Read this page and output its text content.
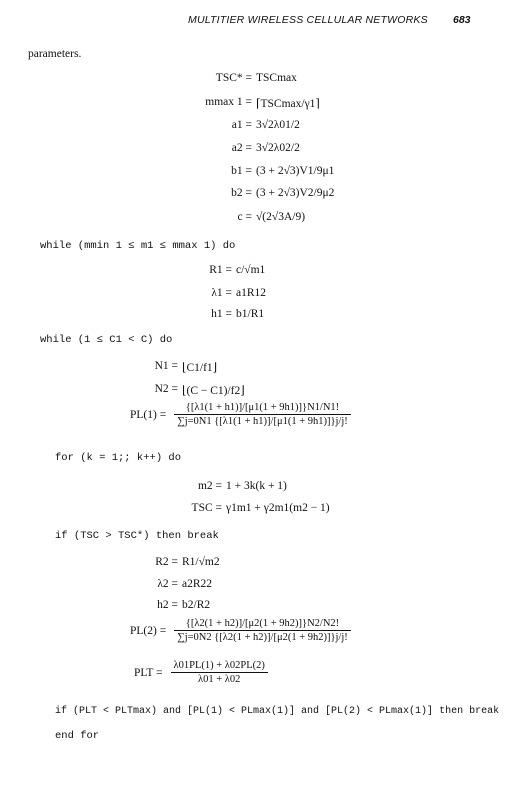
MULTITIER WIRELESS CELLULAR NETWORKS 683
parameters.
TSC* = TSCmax
mmax 1 = ⌈TSCmax/γ1⌉
a1 = 3√2λ01/2
a2 = 3√2λ02/2
b1 = (3 + 2√3)V1/9μ1
b2 = (3 + 2√3)V2/9μ2
c = √(2√3A/9)
while (mmin 1 ≤ m1 ≤ mmax 1) do
R1 = c/√m1
λ1 = a1R12
h1 = b1/R1
while (1 ≤ C1 < C) do
N1 = ⌊C1/f1⌋
N2 = ⌊(C − C1)/f2⌋
$PL(1) = \frac{\{[\lambda 1(1 + h1)]/[\mu 1(1 + 9h1)]\}N1/N1!}{\sum j=0N1 \{[\lambda 1(1 + h1)]/[\mu 1(1 + 9h1)]\}j/j!}$
for (k = 1;; k++) do
m2 = 1 + 3k(k + 1)
TSC = γ1m1 + γ2m1(m2 − 1)
if (TSC > TSC*) then break
R2 = R1/√m2
λ2 = a2R22
h2 = b2/R2
$PL(2) = \frac{\{[\lambda 2(1 + h2)]/[\mu 2(1 + 9h2)]\}N2/N2!}{\sum j=0N2 \{[\lambda 2(1 + h2)]/[\mu 2(1 + 9h2)]\}j/j!}$
PLT = $\frac{\lambda 01PL(1) + \lambda 02PL(2)}{\lambda 01 + \lambda 02}$
if (PLT < PLTmax) and [PL(1) < PLmax(1)] and [PL(2) < PLmax(1)] then break
end for
